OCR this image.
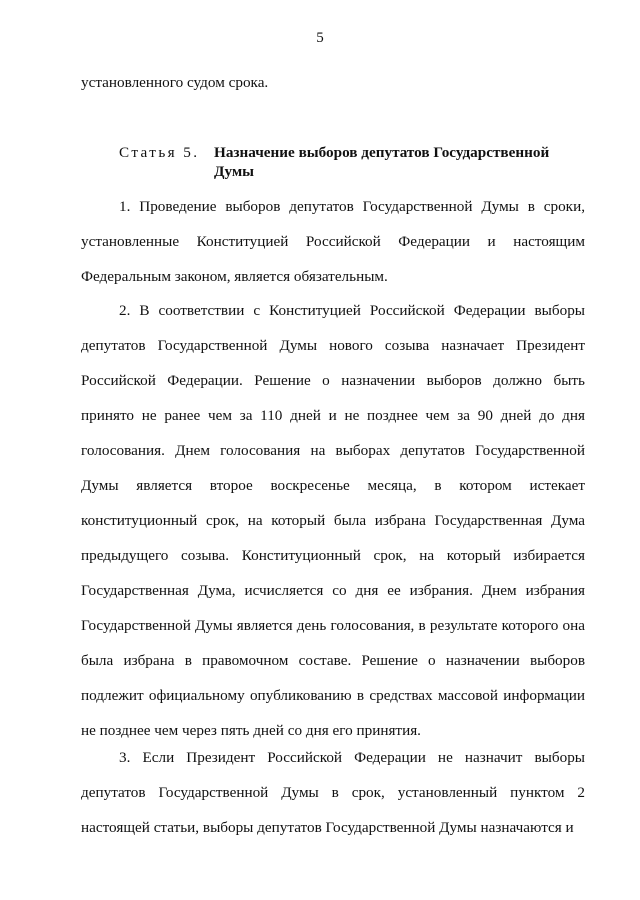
5
установленного судом срока.
Статья 5. Назначение выборов депутатов Государственной Думы
1. Проведение выборов депутатов Государственной Думы в сроки, установленные Конституцией Российской Федерации и настоящим Федеральным законом, является обязательным.
2. В соответствии с Конституцией Российской Федерации выборы депутатов Государственной Думы нового созыва назначает Президент Российской Федерации. Решение о назначении выборов должно быть принято не ранее чем за 110 дней и не позднее чем за 90 дней до дня голосования. Днем голосования на выборах депутатов Государственной Думы является второе воскресенье месяца, в котором истекает конституционный срок, на который была избрана Государственная Дума предыдущего созыва. Конституционный срок, на который избирается Государственная Дума, исчисляется со дня ее избрания. Днем избрания Государственной Думы является день голосования, в результате которого она была избрана в правомочном составе. Решение о назначении выборов подлежит официальному опубликованию в средствах массовой информации не позднее чем через пять дней со дня его принятия.
3. Если Президент Российской Федерации не назначит выборы депутатов Государственной Думы в срок, установленный пунктом 2 настоящей статьи, выборы депутатов Государственной Думы назначаются и
